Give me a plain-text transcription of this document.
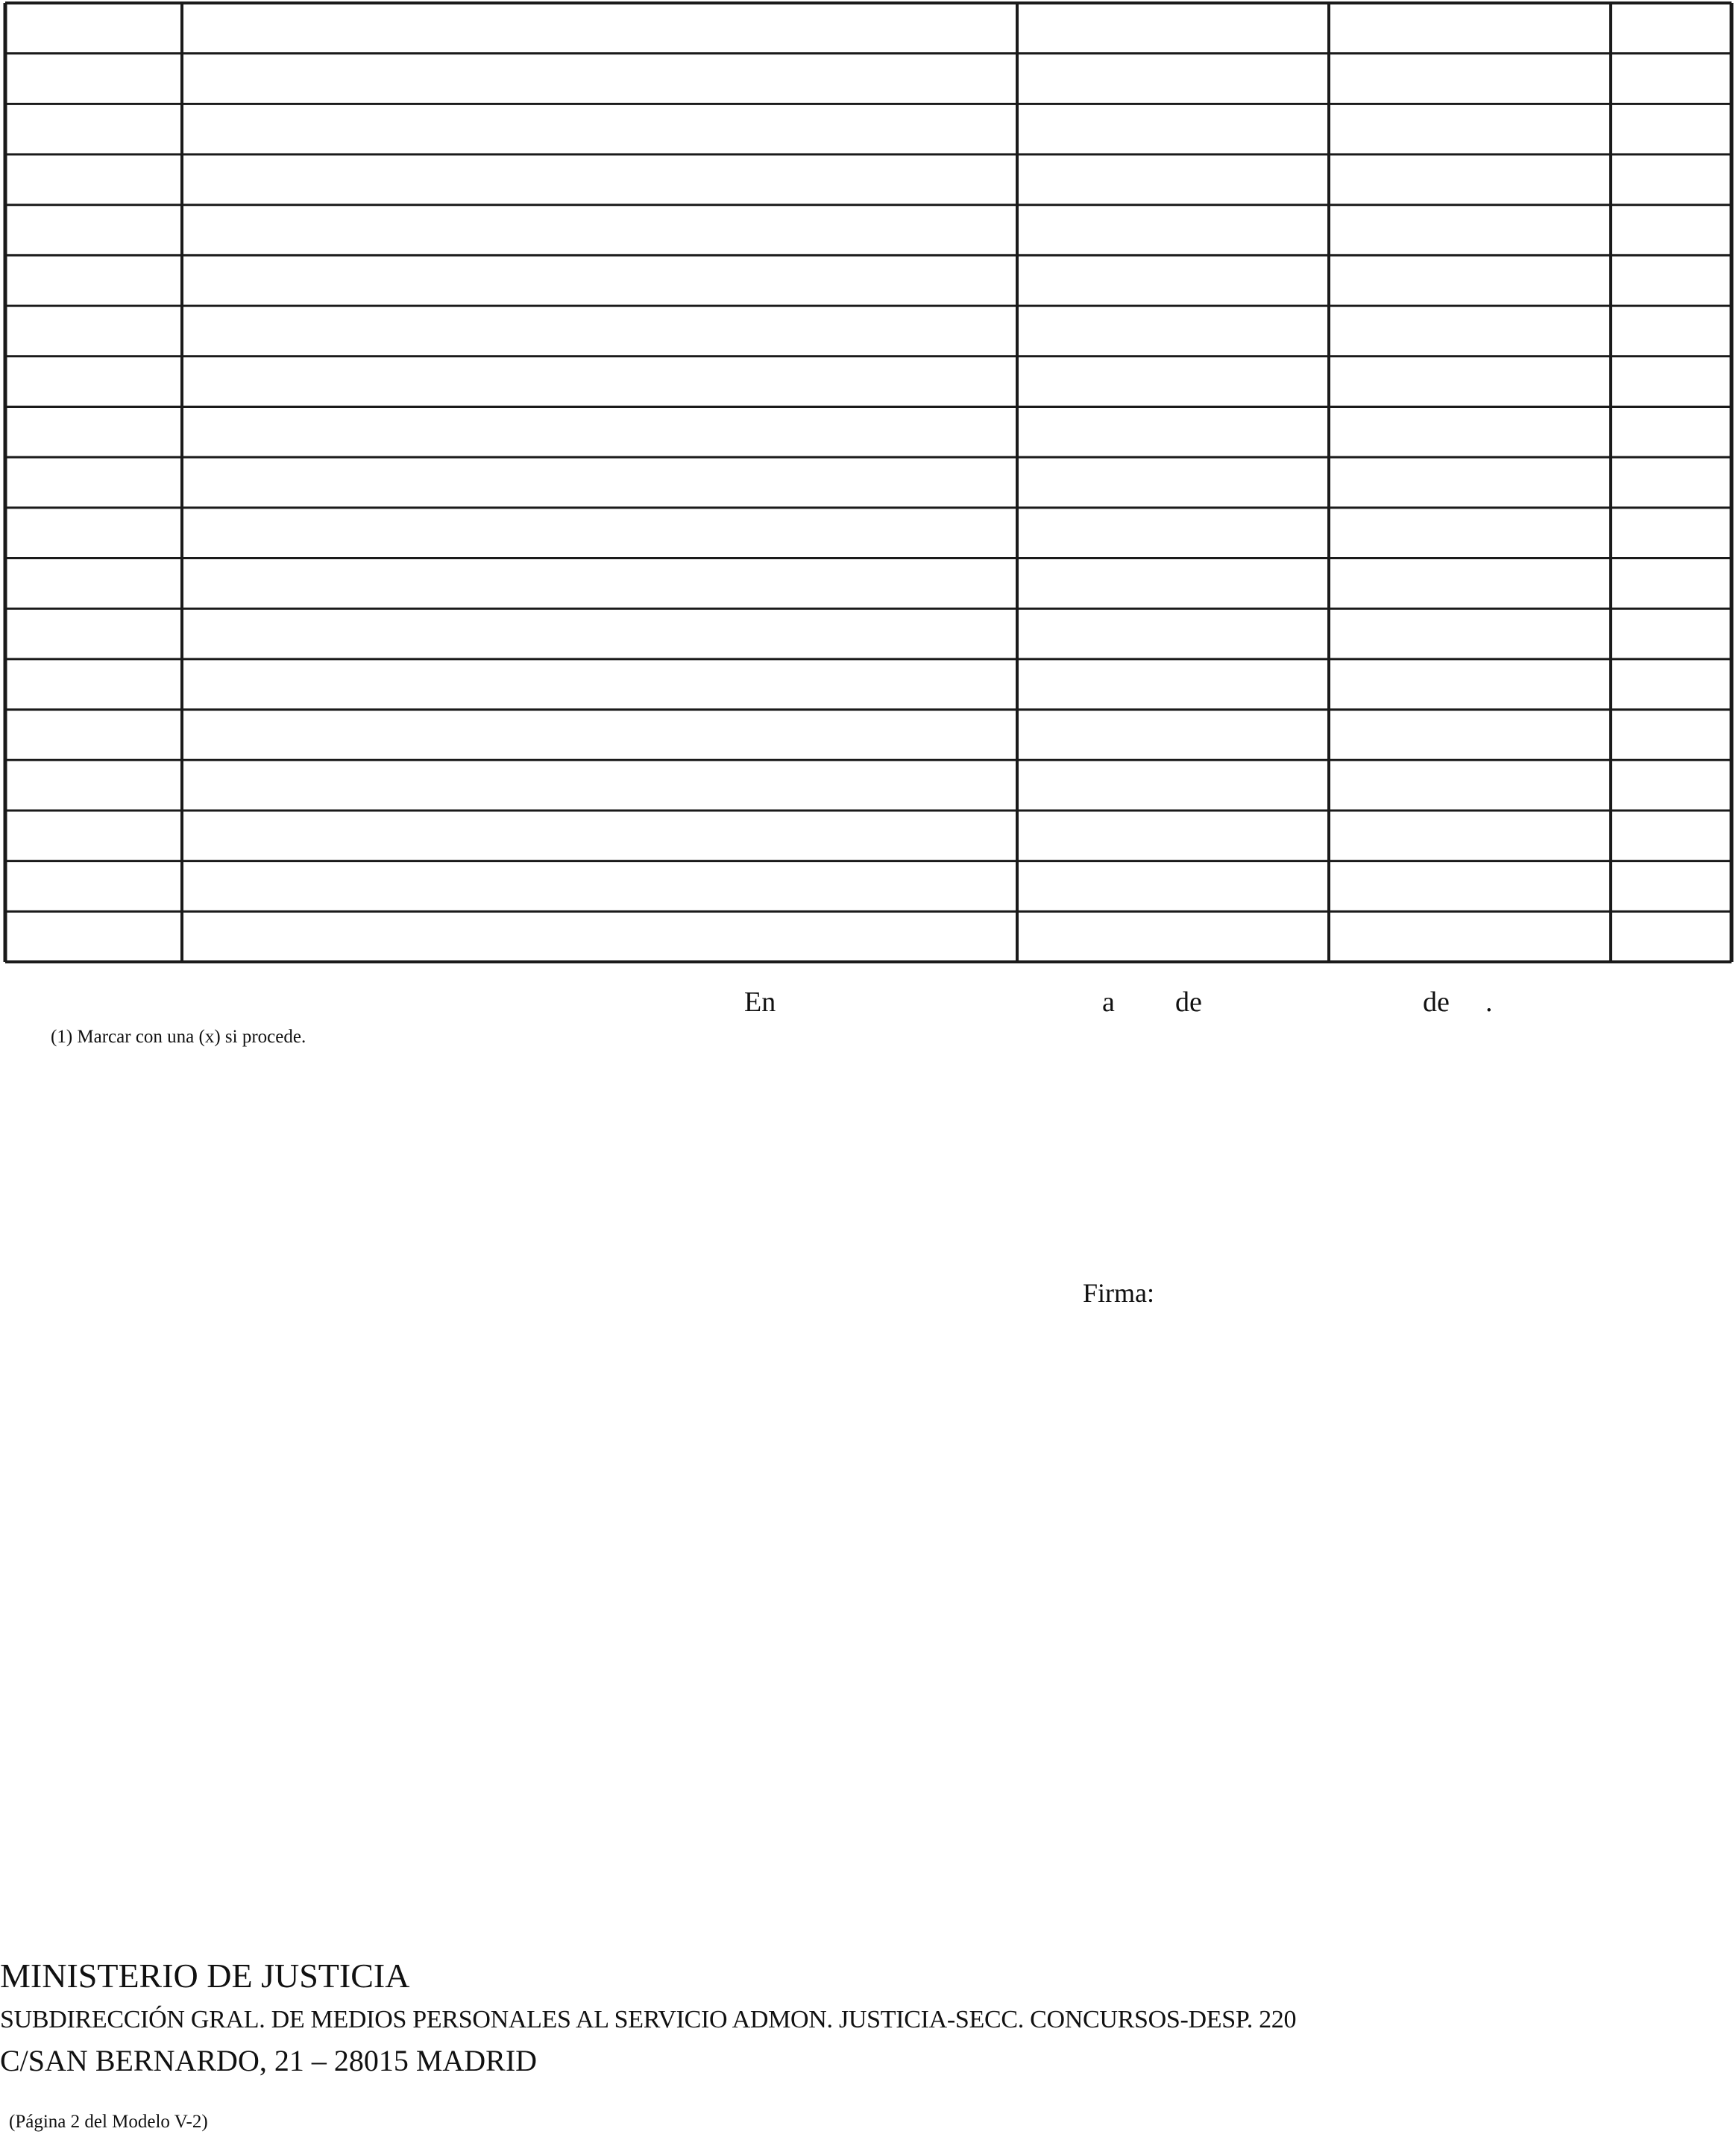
En	a de	de .
(1) Marcar con una (x) si procede.
Firma:
MINISTERIO DE JUSTICIA
SUBDIRECCIÓN GRAL. DE MEDIOS PERSONALES AL SERVICIO ADMON. JUSTICIA-SECC. CONCURSOS-DESP. 220
C/SAN BERNARDO, 21 – 28015 MADRID
(Página 2 del Modelo V-2)
